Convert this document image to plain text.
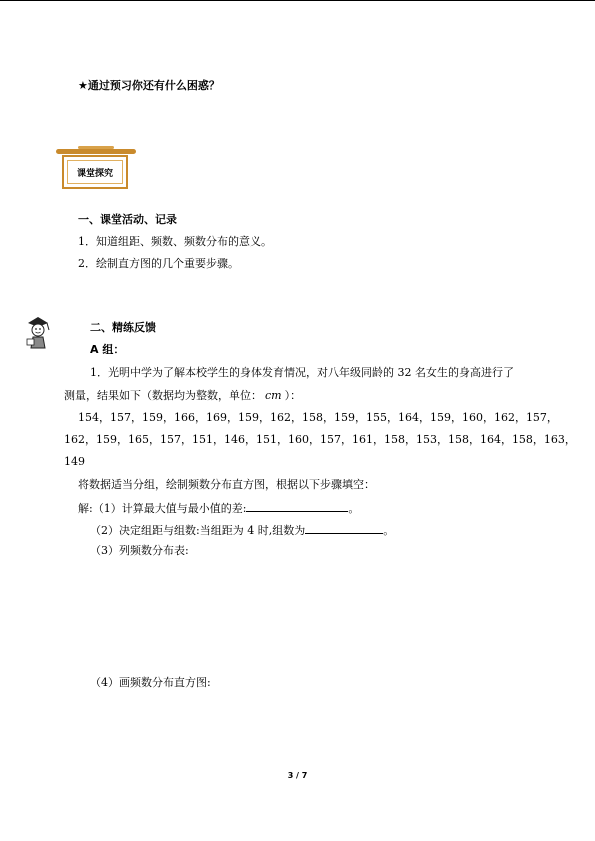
★通过预习你还有什么困惑？
课堂探究
一、课堂活动、记录
1．知道组距、频数、频数分布的意义。
2．绘制直方图的几个重要步骤。
二、精练反馈
A 组：
1．光明中学为了解本校学生的身体发育情况，对八年级同龄的 32 名女生的身高进行了
测量，结果如下（数据均为整数，单位： cm ）：
154，157，159，166，169，159，162，158，159，155，164，159，160，162，157，
162，159，165，157，151，146，151，160，157，161，158，153，158，164，158，163，
149
将数据适当分组，绘制频数分布直方图，根据以下步骤填空：
解:（1）计算最大值与最小值的差:	。
（2）决定组距与组数:当组距为 4 时,组数为	。
（3）列频数分布表:
（4）画频数分布直方图:
3 / 7
